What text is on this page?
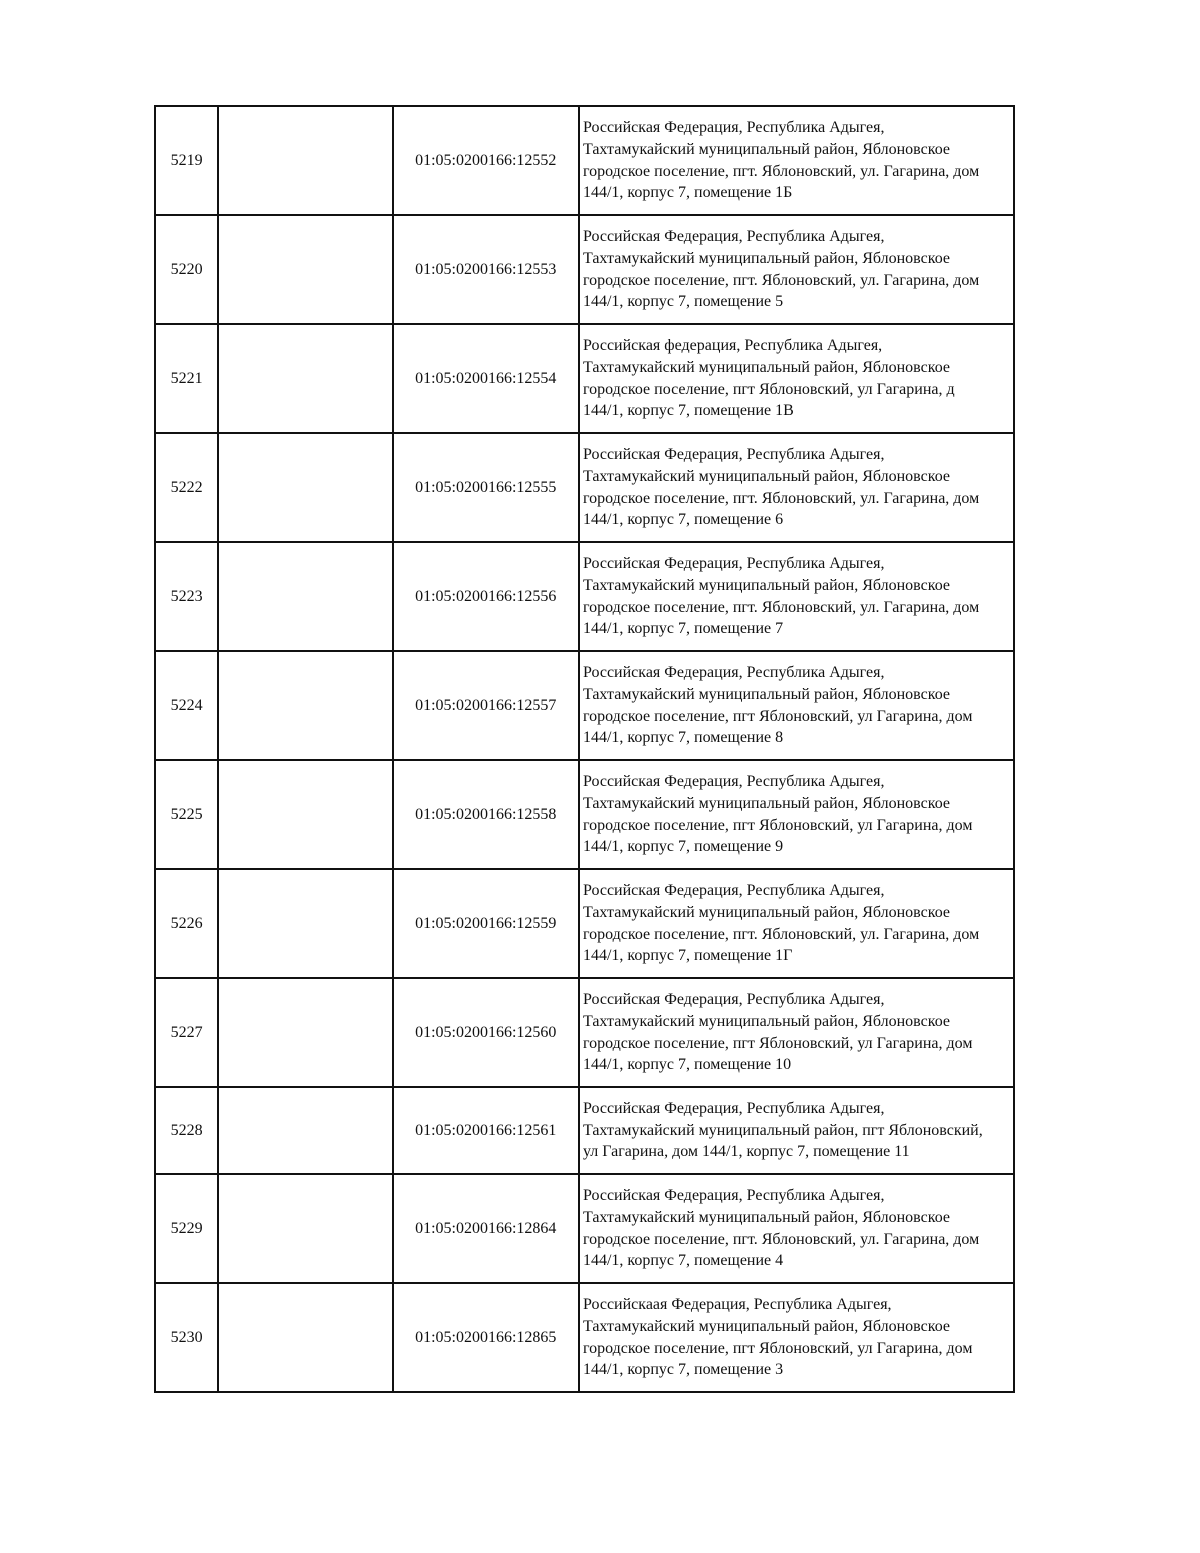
5219		01:05:0200166:12552	Российская Федерация, Республика Адыгея,
Тахтамукайский муниципальный район, Яблоновское
городское поселение, пгт. Яблоновский, ул. Гагарина, дом
144/1, корпус 7, помещение 1Б

5220		01:05:0200166:12553	Российская Федерация, Республика Адыгея,
Тахтамукайский муниципальный район, Яблоновское
городское поселение, пгт. Яблоновский, ул. Гагарина, дом
144/1, корпус 7, помещение 5

5221		01:05:0200166:12554	Российская федерация, Республика Адыгея,
Тахтамукайский муниципальный район, Яблоновское
городское поселение, пгт Яблоновский, ул Гагарина, д
144/1, корпус 7, помещение 1В

5222		01:05:0200166:12555	Российская Федерация, Республика Адыгея,
Тахтамукайский муниципальный район, Яблоновское
городское поселение, пгт. Яблоновский, ул. Гагарина, дом
144/1, корпус 7, помещение 6

5223		01:05:0200166:12556	Российская Федерация, Республика Адыгея,
Тахтамукайский муниципальный район, Яблоновское
городское поселение, пгт. Яблоновский, ул. Гагарина, дом
144/1, корпус 7, помещение 7

5224		01:05:0200166:12557	Российская Федерация, Республика Адыгея,
Тахтамукайский муниципальный район, Яблоновское
городское поселение, пгт Яблоновский, ул Гагарина, дом
144/1, корпус 7, помещение 8

5225		01:05:0200166:12558	Российская Федерация, Республика Адыгея,
Тахтамукайский муниципальный район, Яблоновское
городское поселение, пгт Яблоновский, ул Гагарина, дом
144/1, корпус 7, помещение 9

5226		01:05:0200166:12559	Российская Федерация, Республика Адыгея,
Тахтамукайский муниципальный район, Яблоновское
городское поселение, пгт. Яблоновский, ул. Гагарина, дом
144/1, корпус 7, помещение 1Г

5227		01:05:0200166:12560	Российская Федерация, Республика Адыгея,
Тахтамукайский муниципальный район, Яблоновское
городское поселение, пгт Яблоновский, ул Гагарина, дом
144/1, корпус 7, помещение 10

5228		01:05:0200166:12561	Российская Федерация, Республика Адыгея,
Тахтамукайский муниципальный район, пгт Яблоновский,
ул Гагарина, дом 144/1, корпус 7, помещение 11

5229		01:05:0200166:12864	Российская Федерация, Республика Адыгея,
Тахтамукайский муниципальный район, Яблоновское
городское поселение, пгт. Яблоновский, ул. Гагарина, дом
144/1, корпус 7, помещение 4

5230		01:05:0200166:12865	Российскаая Федерация, Республика Адыгея,
Тахтамукайский муниципальный район, Яблоновское
городское поселение, пгт Яблоновский, ул Гагарина, дом
144/1, корпус 7, помещение 3
